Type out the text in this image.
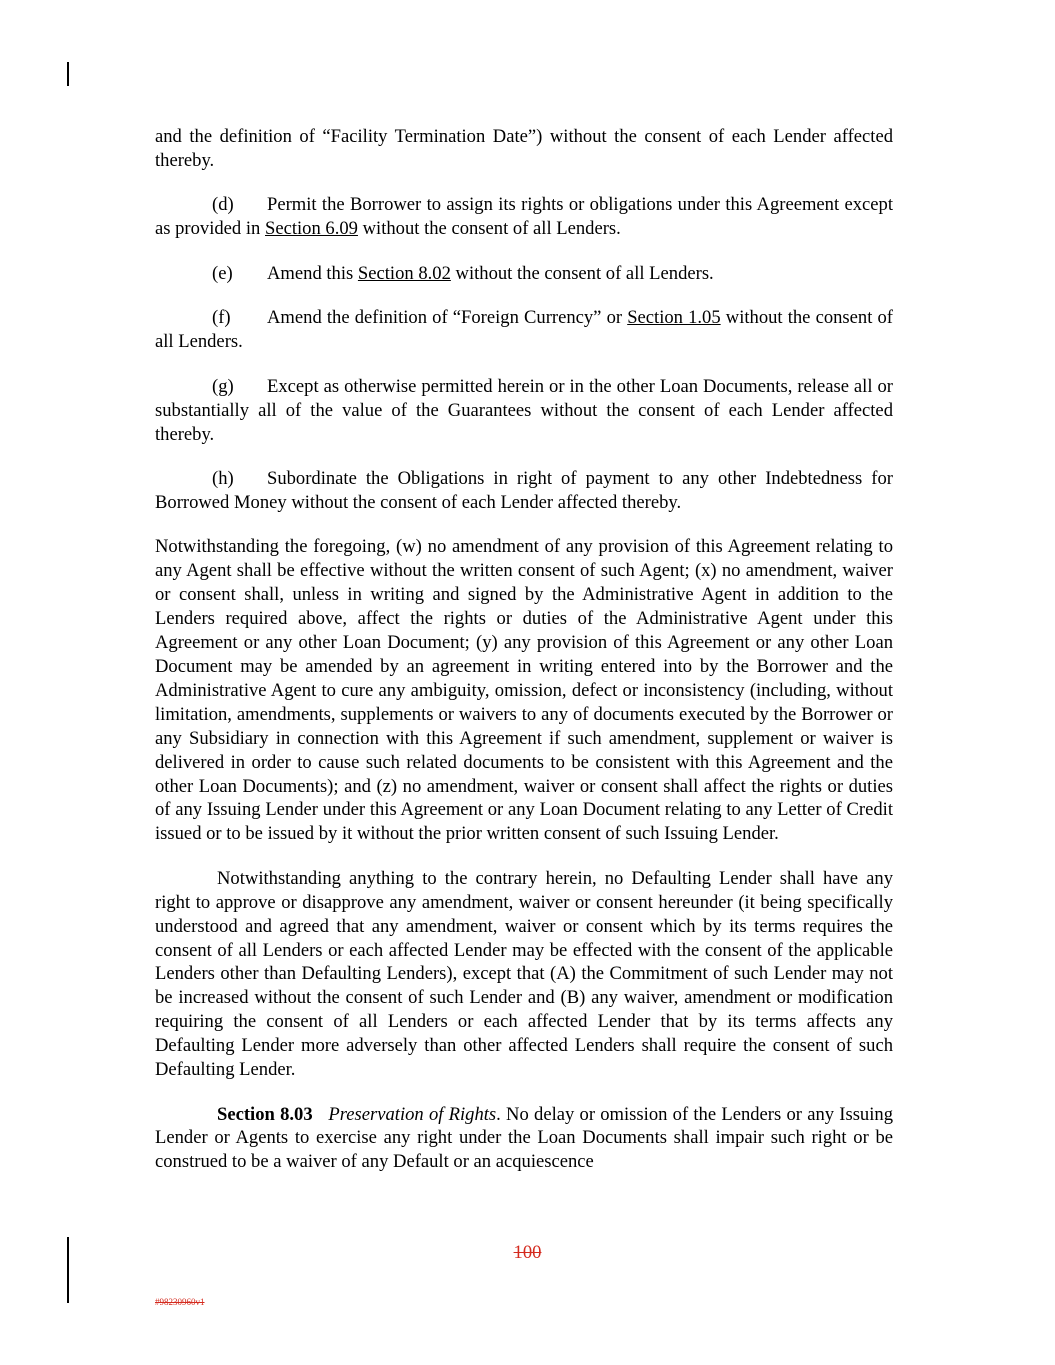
and the definition of “Facility Termination Date”) without the consent of each Lender affected thereby.

(d) Permit the Borrower to assign its rights or obligations under this Agreement except as provided in Section 6.09 without the consent of all Lenders.

(e) Amend this Section 8.02 without the consent of all Lenders.

(f) Amend the definition of “Foreign Currency” or Section 1.05 without the consent of all Lenders.

(g) Except as otherwise permitted herein or in the other Loan Documents, release all or substantially all of the value of the Guarantees without the consent of each Lender affected thereby.

(h) Subordinate the Obligations in right of payment to any other Indebtedness for Borrowed Money without the consent of each Lender affected thereby.

Notwithstanding the foregoing, (w) no amendment of any provision of this Agreement relating to any Agent shall be effective without the written consent of such Agent; (x) no amendment, waiver or consent shall, unless in writing and signed by the Administrative Agent in addition to the Lenders required above, affect the rights or duties of the Administrative Agent under this Agreement or any other Loan Document; (y) any provision of this Agreement or any other Loan Document may be amended by an agreement in writing entered into by the Borrower and the Administrative Agent to cure any ambiguity, omission, defect or inconsistency (including, without limitation, amendments, supplements or waivers to any of documents executed by the Borrower or any Subsidiary in connection with this Agreement if such amendment, supplement or waiver is delivered in order to cause such related documents to be consistent with this Agreement and the other Loan Documents); and (z) no amendment, waiver or consent shall affect the rights or duties of any Issuing Lender under this Agreement or any Loan Document relating to any Letter of Credit issued or to be issued by it without the prior written consent of such Issuing Lender.

Notwithstanding anything to the contrary herein, no Defaulting Lender shall have any right to approve or disapprove any amendment, waiver or consent hereunder (it being specifically understood and agreed that any amendment, waiver or consent which by its terms requires the consent of all Lenders or each affected Lender may be effected with the consent of the applicable Lenders other than Defaulting Lenders), except that (A) the Commitment of such Lender may not be increased without the consent of such Lender and (B) any waiver, amendment or modification requiring the consent of all Lenders or each affected Lender that by its terms affects any Defaulting Lender more adversely than other affected Lenders shall require the consent of such Defaulting Lender.

Section 8.03 Preservation of Rights. No delay or omission of the Lenders or any Issuing Lender or Agents to exercise any right under the Loan Documents shall impair such right or be construed to be a waiver of any Default or an acquiescence

100
#98230960v1
